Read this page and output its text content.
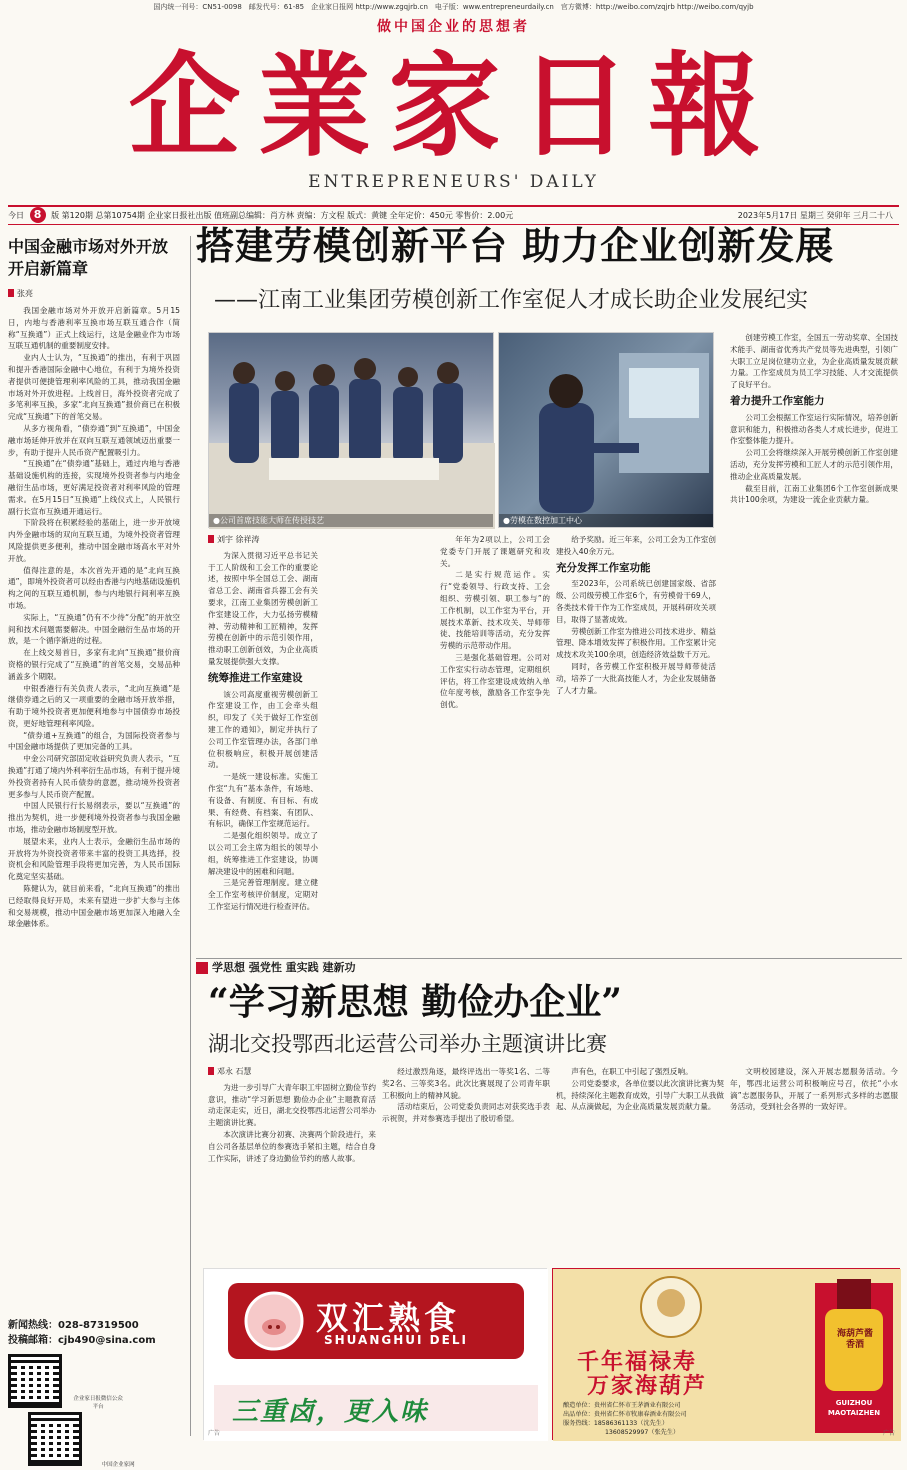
国内统一刊号：CN51-0098　邮发代号：61-85　企业家日报网 http://www.zgqjrb.cn　电子版：www.entrepreneurdaily.cn　官方微博：http://weibo.com/zqjrb http://weibo.com/qyjb
做中国企业的思想者
企業家日報
ENTREPRENEURS' DAILY
今日 8 版 第120期 总第10754期 企业家日报社出版 值班副总编辑：肖方林 责编：方文程 版式：黄键 全年定价：450元 零售价：2.00元	2023年5月17日 星期三 癸卯年 三月二十八
中国金融市场对外开放开启新篇章
张亮

我国金融市场对外开放开启新篇章。5月15日，内地与香港利率互换市场互联互通合作（简称“互换通”）正式上线运行，这是金融业作为市场互联互通机制的重要制度安排。

业内人士认为，“互换通”的推出，有利于巩固和提升香港国际金融中心地位，有利于为境外投资者提供可便捷管理利率风险的工具，推动我国金融市场对外开放进程。上线首日，海外投资者完成了多笔利率互换，多家“北向互换通”报价商已在积极完成“互换通”下的首笔交易。

从多方视角看，“债券通”到“互换通”，中国金融市场延伸开放并在双向互联互通领域迈出重要一步，有助于提升人民币资产配置吸引力。

“互换通”在“债券通”基础上，通过内地与香港基础设施机构的连接，实现境外投资者参与内地金融衍生品市场，更好满足投资者对利率风险的管理需求。在5月15日“互换通”上线仪式上，人民银行副行长宣布互换通开通运行。

下阶段将在积累经验的基础上，进一步开放境内外金融市场的双向互联互通，为境外投资者管理风险提供更多便利，推动中国金融市场高水平对外开放。

值得注意的是，本次首先开通的是“北向互换通”，即境外投资者可以经由香港与内地基础设施机构之间的互联互通机制，参与内地银行间利率互换市场。

实际上，“互换通”仍有不少待“分配”的开放空间和技术问题需要解决。中国金融衍生品市场的开放，是一个循序渐进的过程。

在上线交易首日，多家有北向“互换通”报价商资格的银行完成了“互换通”的首笔交易，交易品种涵盖多个期限。

中银香港行有关负责人表示，“北向互换通”是继债券通之后的又一项重要的金融市场开放举措，有助于境外投资者更加便利地参与中国债券市场投资，更好地管理利率风险。

“债券通+互换通”的组合，为国际投资者参与中国金融市场提供了更加完备的工具。

中金公司研究部固定收益研究负责人表示，“互换通”打通了境内外利率衍生品市场，有利于提升境外投资者持有人民币债券的意愿，推动境外投资者更多参与人民币资产配置。

中国人民银行行长易纲表示，要以“互换通”的推出为契机，进一步便利境外投资者参与我国金融市场，推动金融市场制度型开放。

展望未来，业内人士表示，金融衍生品市场的开放将为外资投资者带来丰富的投资工具选择，投资机会和风险管理手段将更加完善，为人民币国际化奠定坚实基础。

陈健认为，就目前来看，“北向互换通”的推出已经取得良好开局，未来有望进一步扩大参与主体和交易规模，推动中国金融市场更加深入地融入全球金融体系。

新闻热线：028-87319500
投稿邮箱：cjb490@sina.com
企业家日报微信公众平台  中国企业家网
搭建劳模创新平台 助力企业创新发展
——江南工业集团劳模创新工作室促人才成长助企业发展纪实
●公司首席技能大师在传授技艺	●劳模在数控加工中心
刘宇 徐祥涛

为深入贯彻习近平总书记关于工人阶级和工会工作的重要论述，按照中华全国总工会、湖南省总工会、湖南省兵器工会有关要求，江南工业集团劳模创新工作室建设工作，大力弘扬劳模精神、劳动精神和工匠精神，发挥劳模在创新中的示范引领作用，推动职工创新创效，为企业高质量发展提供强大支撑。

统筹推进工作室建设

该公司高度重视劳模创新工作室建设工作，由工会牵头组织，印发了《关于做好工作室创建工作的通知》，制定并执行了公司工作室管理办法，各部门单位积极响应，积极开展创建活动。

一是统一建设标准。实施工作室“九有”基本条件，有场地、有设备、有制度、有目标、有成果、有经费、有档案、有团队、有标识，确保工作室规范运行。

二是强化组织领导。成立了以公司工会主席为组长的领导小组，统筹推进工作室建设，协调解决建设中的困难和问题。

三是完善管理制度。建立健全工作室考核评价制度，定期对工作室运行情况进行检查评估。

年年为2项以上，公司工会党委专门开展了课题研究和攻关。

二是实行规范运作。实行“党委领导、行政支持、工会组织、劳模引领、职工参与”的工作机制，以工作室为平台，开展技术革新、技术攻关、导师带徒、技能培训等活动，充分发挥劳模的示范带动作用。

三是强化基础管理。公司对工作室实行动态管理，定期组织评估，将工作室建设成效纳入单位年度考核，激励各工作室争先创优。

给予奖励。近三年来，公司工会为工作室创建投入40余万元。

充分发挥工作室功能

至2023年，公司系统已创建国家级、省部级、公司级劳模工作室6个，有劳模骨干69人，各类技术骨干作为工作室成员，开展科研攻关项目，取得了显著成效。

劳模创新工作室为推进公司技术进步、精益管理、降本增效发挥了积极作用。工作室累计完成技术攻关100余项，创造经济效益数千万元。

同时，各劳模工作室积极开展导师带徒活动，培养了一大批高技能人才，为企业发展储备了人才力量。

创建劳模工作室，全国五一劳动奖章、全国技术能手、湖南省优秀共产党员等先进典型，引领广大职工立足岗位建功立业，为企业高质量发展贡献力量。工作室成员为员工学习技能、人才交流提供了良好平台。

着力提升工作室能力

公司工会根据工作室运行实际情况，培养创新意识和能力，积极推动各类人才成长进步，促进工作室整体能力提升。

公司工会将继续深入开展劳模创新工作室创建活动，充分发挥劳模和工匠人才的示范引领作用，推动企业高质量发展。

截至目前，江南工业集团6个工作室创新成果共计100余项，为建设一流企业贡献力量。

$^{学思想 强党性 重实践 建新功}$
“学习新思想 勤俭办企业”
湖北交投鄂西北运营公司举办主题演讲比赛
邓永 石慧

为进一步引导广大青年职工牢固树立勤俭节约意识，推动“学习新思想 勤俭办企业”主题教育活动走深走实，近日，湖北交投鄂西北运营公司举办主题演讲比赛。

本次演讲比赛分初赛、决赛两个阶段进行，来自公司各基层单位的参赛选手紧扣主题，结合自身工作实际，讲述了身边勤俭节约的感人故事。

经过激烈角逐，最终评选出一等奖1名、二等奖2名、三等奖3名。此次比赛展现了公司青年职工积极向上的精神风貌。

活动结束后，公司党委负责同志对获奖选手表示祝贺，并对参赛选手提出了殷切希望。

声有色，在职工中引起了强烈反响。

公司党委要求，各单位要以此次演讲比赛为契机，持续深化主题教育成效，引导广大职工从我做起、从点滴做起，为企业高质量发展贡献力量。

文明校园建设，深入开展志愿服务活动。今年，鄂西北运营公司积极响应号召，依托“小水滴”志愿服务队，开展了一系列形式多样的志愿服务活动，受到社会各界的一致好评。

双汇熟食
SHUANGHUI DELI
三重卤，更入味
广告
千年福禄寿
万家海葫芦
酿造单位：贵州省仁怀市王茅酒业有限公司
出品单位：贵州省仁怀市牧康春酒业有限公司
服务热线：18586361133（沈先生）
13608529997（张先生）
海葫芦酱香酒
GUIZHOU
MAOTAIZHEN
广告
